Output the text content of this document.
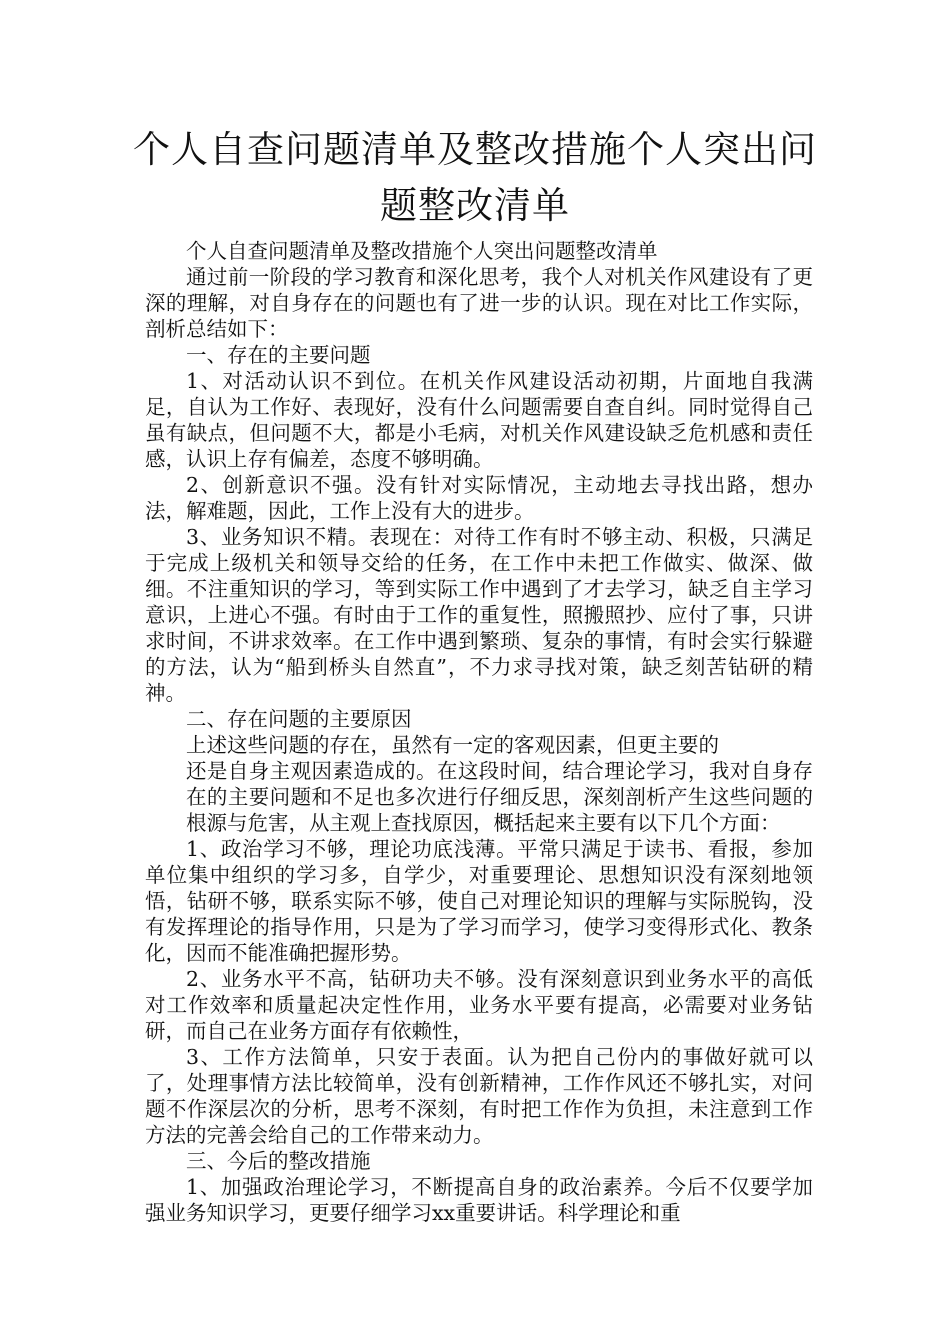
个人自查问题清单及整改措施个人突出问题整改清单

个人自查问题清单及整改措施个人突出问题整改清单

通过前一阶段的学习教育和深化思考，我个人对机关作风建设有了更深的理解，对自身存在的问题也有了进一步的认识。现在对比工作实际，剖析总结如下：

一、存在的主要问题

1、对活动认识不到位。在机关作风建设活动初期，片面地自我满足，自认为工作好、表现好，没有什么问题需要自查自纠。同时觉得自己虽有缺点，但问题不大，都是小毛病，对机关作风建设缺乏危机感和责任感，认识上存有偏差，态度不够明确。

2、创新意识不强。没有针对实际情况，主动地去寻找出路，想办法，解难题，因此，工作上没有大的进步。

3、业务知识不精。表现在：对待工作有时不够主动、积极，只满足于完成上级机关和领导交给的任务，在工作中未把工作做实、做深、做细。不注重知识的学习，等到实际工作中遇到了才去学习，缺乏自主学习意识，上进心不强。有时由于工作的重复性，照搬照抄、应付了事，只讲求时间，不讲求效率。在工作中遇到繁琐、复杂的事情，有时会实行躲避的方法，认为“船到桥头自然直”，不力求寻找对策，缺乏刻苦钻研的精神。

二、存在问题的主要原因

上述这些问题的存在，虽然有一定的客观因素，但更主要的

还是自身主观因素造成的。在这段时间，结合理论学习，我对自身存在的主要问题和不足也多次进行仔细反思，深刻剖析产生这些问题的根源与危害，从主观上查找原因，概括起来主要有以下几个方面：

1、政治学习不够，理论功底浅薄。平常只满足于读书、看报，参加单位集中组织的学习多，自学少，对重要理论、思想知识没有深刻地领悟，钻研不够，联系实际不够，使自己对理论知识的理解与实际脱钩，没有发挥理论的指导作用，只是为了学习而学习，使学习变得形式化、教条化，因而不能准确把握形势。

2、业务水平不高，钻研功夫不够。没有深刻意识到业务水平的高低对工作效率和质量起决定性作用，业务水平要有提高，必需要对业务钻研，而自己在业务方面存有依赖性，

3、工作方法简单，只安于表面。认为把自己份内的事做好就可以了，处理事情方法比较简单，没有创新精神，工作作风还不够扎实，对问题不作深层次的分析，思考不深刻，有时把工作作为负担，未注意到工作方法的完善会给自己的工作带来动力。

三、今后的整改措施

1、加强政治理论学习，不断提高自身的政治素养。今后不仅要学加强业务知识学习，更要仔细学习xx重要讲话。科学理论和重
